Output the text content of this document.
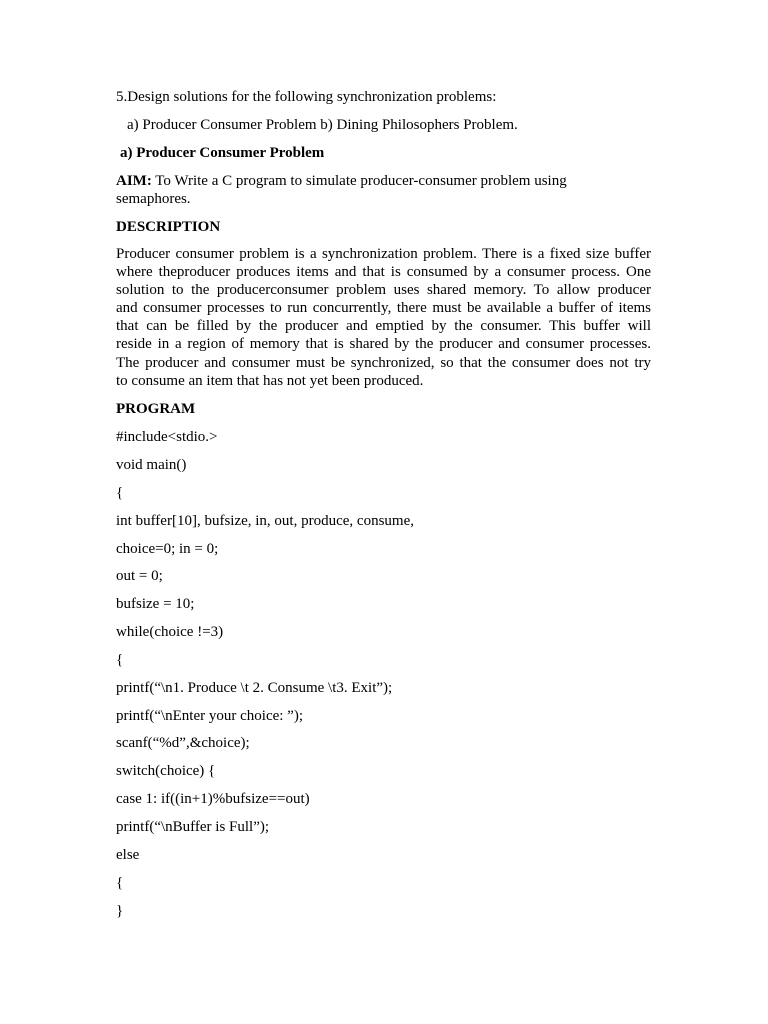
5.Design solutions for the following synchronization problems:
a) Producer Consumer Problem b) Dining Philosophers Problem.
a) Producer Consumer Problem
AIM: To Write a C program to simulate producer-consumer problem using
semaphores.
DESCRIPTION
Producer consumer problem is a synchronization problem. There is a fixed size buffer
where theproducer produces items and that is consumed by a consumer process. One
solution to the producerconsumer problem uses shared memory. To allow producer
and consumer processes to run concurrently, there must be available a buffer of items
that can be filled by the producer and emptied by the consumer. This buffer will
reside in a region of memory that is shared by the producer and consumer processes.
The producer and consumer must be synchronized, so that the consumer does not try
to consume an item that has not yet been produced.
PROGRAM
#include<stdio.>
void main()
{
int buffer[10], bufsize, in, out, produce, consume,
choice=0; in = 0;
out = 0;
bufsize = 10;
while(choice !=3)
{
printf(“\n1. Produce \t 2. Consume \t3. Exit”);
printf(“\nEnter your choice: ”);
scanf(“%d”,&choice);
switch(choice) {
case 1: if((in+1)%bufsize==out)
printf(“\nBuffer is Full”);
else
{
}
